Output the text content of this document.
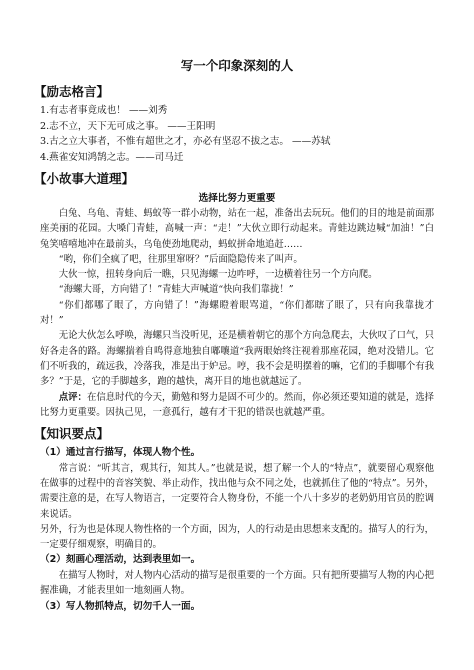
写一个印象深刻的人
【励志格言】
1.有志者事竟成也！ ——刘秀
2.志不立，天下无可成之事。 ——王阳明
3.古之立大事者，不惟有超世之才，亦必有坚忍不拔之志。 ——苏轼
4.燕雀安知鸿鹄之志。——司马迁
【小故事大道理】
选择比努力更重要

白兔、乌龟、青蛙、蚂蚁等一群小动物，站在一起，准备出去玩玩。他们的目的地是前面那座美丽的花园。大嗓门青蛙，高喊一声：“走！”大伙立即行动起来。青蛙边跳边喊“加油！”白兔笑嘻嘻地冲在最前头，乌龟使劲地爬动，蚂蚁拼命地追赶……

“哟，你们全疯了吧，往那里窜呀？”后面隐隐传来了叫声。

大伙一惊，扭转身向后一瞧，只见海螺一边咋呼，一边横着往另一个方向爬。

“海螺大哥，方向错了！”青蛙大声喊道“快向我们靠拢！”

“你们都哪了眼了，方向错了！”海螺瞪着眼骂道，“你们都瞎了眼了，只有向我靠拢才对！”

无论大伙怎么呼唤，海螺只当没听见，还是横着朝它的那个方向急爬去，大伙叹了口气，只好各走各的路。海螺揣着自鸣得意地独自嘟嚷道“我两眼始终注视着那座花园，绝对没错儿。它们不听我的，疏远我，冷落我，准是出于妒忌。哼，我不会是明摆着的嘛，它们的手脚哪个有我多？”于是，它的手脚越多，跑的越快，离开目的地也就越远了。

点评：在信息时代的今天，勤勉和努力是固不可少的。然而，你必须还要知道的就是，选择比努力更重要。因执己见，一意孤行，越有才干犯的错误也就越严重。

【知识要点】
（1）通过言行描写，体现人物个性。

常言说：“听其言，观其行，知其人。”也就是说，想了解一个人的“特点”，就要留心观察他在做事的过程中的音容笑貌、举止动作，找出他与众不同之处，也就抓住了他的“特点”。另外，需要注意的是，在写人物语言，一定要符合人物身份，不能一个八十多岁的老奶奶用官员的腔调来说话。

另外，行为也是体现人物性格的一个方面，因为，人的行动是由思想来支配的。描写人的行为，一定要仔细观察，明确目的。

（2）刻画心理活动，达到表里如一。

在描写人物时，对人物内心活动的描写是很重要的一个方面。只有把所要描写人物的内心把握准确，才能表里如一地刻画人物。

（3）写人物抓特点，切勿千人一面。
